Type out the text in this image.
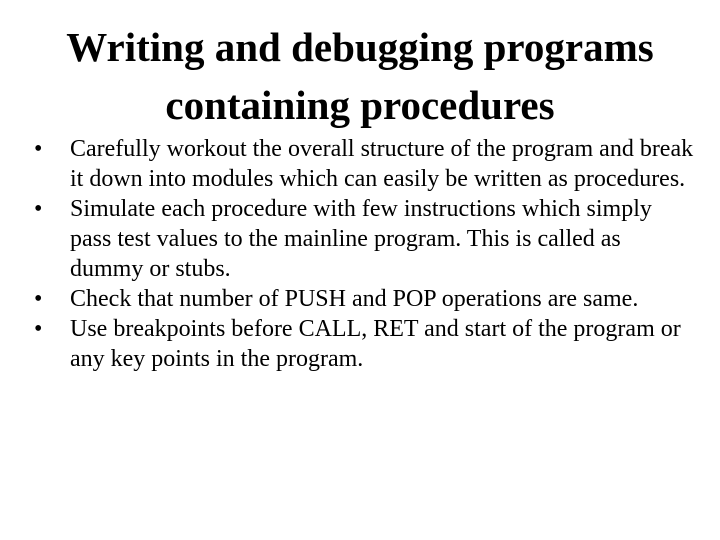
Writing and debugging programs
containing procedures
•	Carefully workout the overall structure of the program and break it down into modules which can easily be written as procedures.
•	Simulate each procedure with few instructions which simply pass test values to the mainline program. This is called as dummy or stubs.
•	Check that number of PUSH and POP operations are same.
•	Use breakpoints before CALL, RET and start of the program or any key points in the program.
